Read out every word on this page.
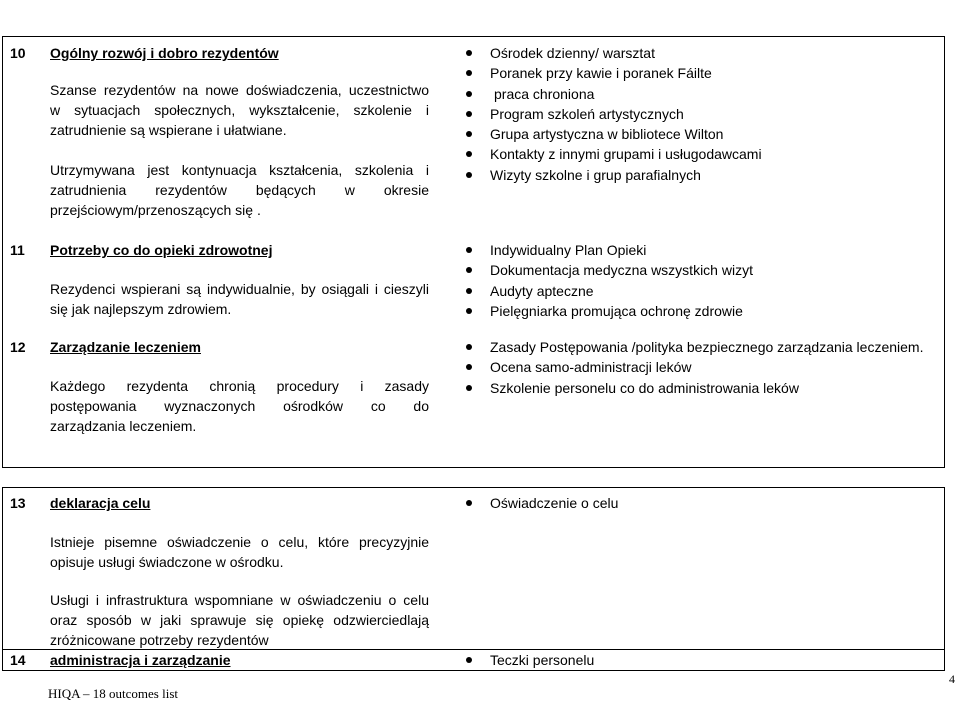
10 Ogólny rozwój i dobro rezydentów
Szanse rezydentów na nowe doświadczenia, uczestnictwo
w sytuacjach społecznych, wykształcenie, szkolenie i
zatrudnienie są wspierane i ułatwiane.
Utrzymywana jest kontynuacja kształcenia, szkolenia i
zatrudnienia rezydentów będących w okresie
przejściowym/przenoszących się .
Ośrodek dzienny/ warsztat
Poranek przy kawie i poranek Fáilte
praca chroniona
Program szkoleń artystycznych
Grupa artystyczna w bibliotece Wilton
Kontakty z innymi grupami i usługodawcami
Wizyty szkolne i grup parafialnych
11 Potrzeby co do opieki zdrowotnej
Rezydenci wspierani są indywidualnie, by osiągali i cieszyli
się jak najlepszym zdrowiem.
Indywidualny Plan Opieki
Dokumentacja medyczna wszystkich wizyt
Audyty apteczne
Pielęgniarka promująca ochronę zdrowie
12 Zarządzanie leczeniem
Każdego rezydenta chronią procedury i zasady
postępowania wyznaczonych ośrodków co do
zarządzania leczeniem.
Zasady Postępowania /polityka bezpiecznego zarządzania leczeniem.
Ocena samo-administracji leków
Szkolenie personelu co do administrowania leków
13 deklaracja celu
Istnieje pisemne oświadczenie o celu, które precyzyjnie
opisuje usługi świadczone w ośrodku.
Usługi i infrastruktura wspomniane w oświadczeniu o celu
oraz sposób w jaki sprawuje się opiekę odzwierciedlają
zróżnicowane potrzeby rezydentów
Oświadczenie o celu
14 administracja i zarządzanie	Teczki personelu
HIQA – 18 outcomes list
4
